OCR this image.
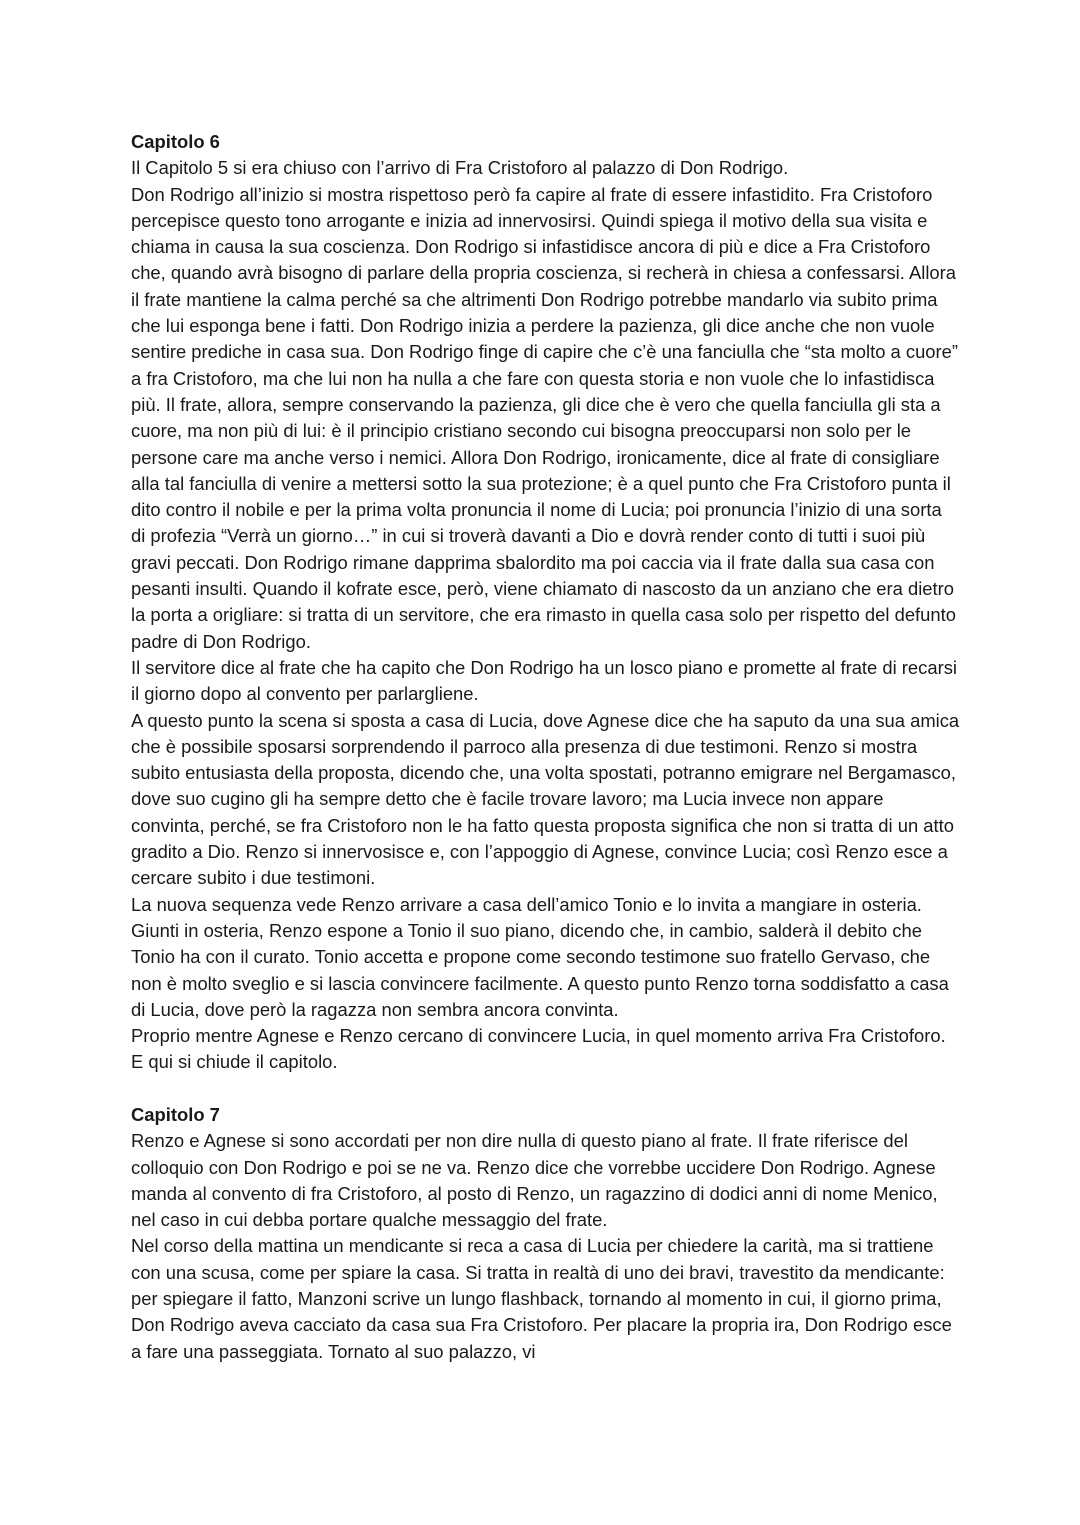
Capitolo 6

Il Capitolo 5 si era chiuso con l’arrivo di Fra Cristoforo al palazzo di Don Rodrigo.

Don Rodrigo all’inizio si mostra rispettoso però fa capire al frate di essere infastidito. Fra Cristoforo percepisce questo tono arrogante e inizia ad innervosirsi. Quindi spiega il motivo della sua visita e chiama in causa la sua coscienza. Don Rodrigo si infastidisce ancora di più e dice a Fra Cristoforo che, quando avrà bisogno di parlare della propria coscienza, si recherà in chiesa a confessarsi. Allora il frate mantiene la calma perché sa che altrimenti Don Rodrigo potrebbe mandarlo via subito prima che lui esponga bene i fatti. Don Rodrigo inizia a perdere la pazienza, gli dice anche che non vuole sentire prediche in casa sua. Don Rodrigo finge di capire che c’è una fanciulla che “sta molto a cuore” a fra Cristoforo, ma che lui non ha nulla a che fare con questa storia e non vuole che lo infastidisca più. Il frate, allora, sempre conservando la pazienza, gli dice che è vero che quella fanciulla gli sta a cuore, ma non più di lui: è il principio cristiano secondo cui bisogna preoccuparsi non solo per le persone care ma anche verso i nemici. Allora Don Rodrigo, ironicamente, dice al frate di consigliare alla tal fanciulla di venire a mettersi sotto la sua protezione; è a quel punto che Fra Cristoforo punta il dito contro il nobile e per la prima volta pronuncia il nome di Lucia; poi pronuncia l’inizio di una sorta di profezia “Verrà un giorno…” in cui si troverà davanti a Dio e dovrà render conto di tutti i suoi più gravi peccati. Don Rodrigo rimane dapprima sbalordito ma poi caccia via il frate dalla sua casa con pesanti insulti. Quando il kofrate esce, però, viene chiamato di nascosto da un anziano che era dietro la porta a origliare: si tratta di un servitore, che era rimasto in quella casa solo per rispetto del defunto padre di Don Rodrigo.

Il servitore dice al frate che ha capito che Don Rodrigo ha un losco piano e promette al frate di recarsi il giorno dopo al convento per parlargliene.

A questo punto la scena si sposta a casa di Lucia, dove Agnese dice che ha saputo da una sua amica che è possibile sposarsi sorprendendo il parroco alla presenza di due testimoni. Renzo si mostra subito entusiasta della proposta, dicendo che, una volta spostati, potranno emigrare nel Bergamasco, dove suo cugino gli ha sempre detto che è facile trovare lavoro; ma Lucia invece non appare convinta, perché, se fra Cristoforo non le ha fatto questa proposta significa che non si tratta di un atto gradito a Dio. Renzo si innervosisce e, con l’appoggio di Agnese, convince Lucia; così Renzo esce a cercare subito i due testimoni.

La nuova sequenza vede Renzo arrivare a casa dell’amico Tonio e lo invita a mangiare in osteria. Giunti in osteria, Renzo espone a Tonio il suo piano, dicendo che, in cambio, salderà il debito che Tonio ha con il curato. Tonio accetta e propone come secondo testimone suo fratello Gervaso, che non è molto sveglio e si lascia convincere facilmente. A questo punto Renzo torna soddisfatto a casa di Lucia, dove però la ragazza non sembra ancora convinta.

Proprio mentre Agnese e Renzo cercano di convincere Lucia, in quel momento arriva Fra Cristoforo. E qui si chiude il capitolo.

Capitolo 7

Renzo e Agnese si sono accordati per non dire nulla di questo piano al frate. Il frate riferisce del colloquio con Don Rodrigo e poi se ne va. Renzo dice che vorrebbe uccidere Don Rodrigo. Agnese manda al convento di fra Cristoforo, al posto di Renzo, un ragazzino di dodici anni di nome Menico, nel caso in cui debba portare qualche messaggio del frate.

Nel corso della mattina un mendicante si reca a casa di Lucia per chiedere la carità, ma si trattiene con una scusa, come per spiare la casa. Si tratta in realtà di uno dei bravi, travestito da mendicante: per spiegare il fatto, Manzoni scrive un lungo flashback, tornando al momento in cui, il giorno prima, Don Rodrigo aveva cacciato da casa sua Fra Cristoforo. Per placare la propria ira, Don Rodrigo esce a fare una passeggiata. Tornato al suo palazzo, vi
